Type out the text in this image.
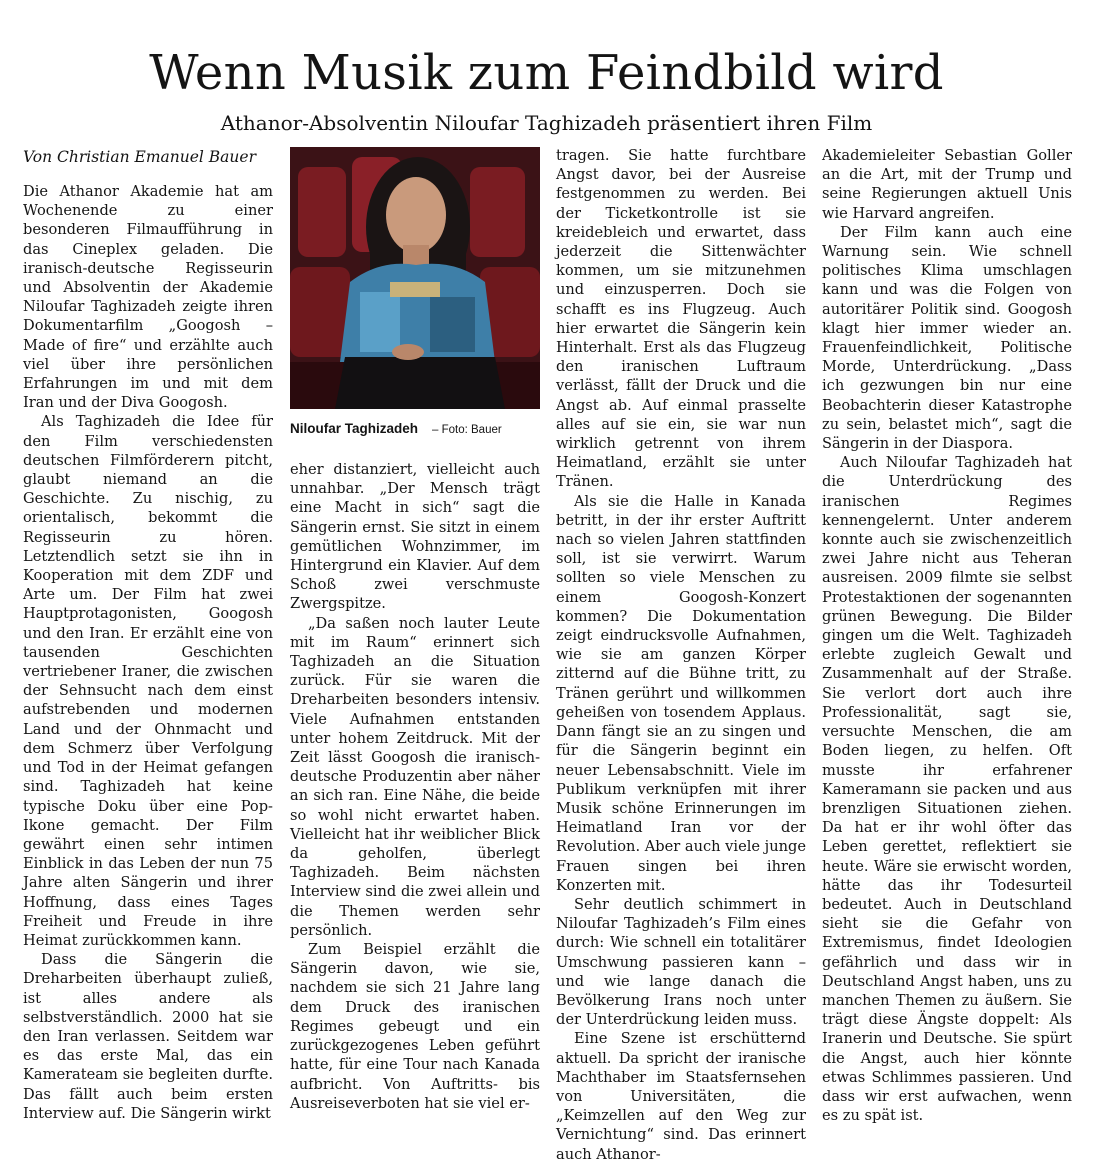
Wenn Musik zum Feindbild wird
Athanor-Absolventin Niloufar Taghizadeh präsentiert ihren Film
Von Christian Emanuel Bauer

Die Athanor Akademie hat am Wochenende zu einer besonderen Filmaufführung in das Cineplex geladen. Die iranisch-deutsche Regisseurin und Absolventin der Akademie Niloufar Taghizadeh zeigte ihren Dokumentarfilm „Googosh – Made of fire“ und erzählte auch viel über ihre persönlichen Erfahrungen im und mit dem Iran und der Diva Googosh.

Als Taghizadeh die Idee für den Film verschiedensten deutschen Filmförderern pitcht, glaubt niemand an die Geschichte. Zu nischig, zu orientalisch, bekommt die Regisseurin zu hören. Letztendlich setzt sie ihn in Kooperation mit dem ZDF und Arte um. Der Film hat zwei Hauptprotagonisten, Googosh und den Iran. Er erzählt eine von tausenden Geschichten vertriebener Iraner, die zwischen der Sehnsucht nach dem einst aufstrebenden und modernen Land und der Ohnmacht und dem Schmerz über Verfolgung und Tod in der Heimat gefangen sind. Taghizadeh hat keine typische Doku über eine Pop-Ikone gemacht. Der Film gewährt einen sehr intimen Einblick in das Leben der nun 75 Jahre alten Sängerin und ihrer Hoffnung, dass eines Tages Freiheit und Freude in ihre Heimat zurückkommen kann.

Dass die Sängerin die Dreharbeiten überhaupt zuließ, ist alles andere als selbstverständlich. 2000 hat sie den Iran verlassen. Seitdem war es das erste Mal, das ein Kamerateam sie begleiten durfte. Das fällt auch beim ersten Interview auf. Die Sängerin wirkt

Niloufar Taghizadeh – Foto: Bauer

eher distanziert, vielleicht auch unnahbar. „Der Mensch trägt eine Macht in sich“ sagt die Sängerin ernst. Sie sitzt in einem gemütlichen Wohnzimmer, im Hintergrund ein Klavier. Auf dem Schoß zwei verschmuste Zwergspitze.

„Da saßen noch lauter Leute mit im Raum“ erinnert sich Taghizadeh an die Situation zurück. Für sie waren die Dreharbeiten besonders intensiv. Viele Aufnahmen entstanden unter hohem Zeitdruck. Mit der Zeit lässt Googosh die iranisch-deutsche Produzentin aber näher an sich ran. Eine Nähe, die beide so wohl nicht erwartet haben. Vielleicht hat ihr weiblicher Blick da geholfen, überlegt Taghizadeh. Beim nächsten Interview sind die zwei allein und die Themen werden sehr persönlich.

Zum Beispiel erzählt die Sängerin davon, wie sie, nachdem sie sich 21 Jahre lang dem Druck des iranischen Regimes gebeugt und ein zurückgezogenes Leben geführt hatte, für eine Tour nach Kanada aufbricht. Von Auftritts- bis Ausreiseverboten hat sie viel er-

tragen. Sie hatte furchtbare Angst davor, bei der Ausreise festgenommen zu werden. Bei der Ticketkontrolle ist sie kreidebleich und erwartet, dass jederzeit die Sittenwächter kommen, um sie mitzunehmen und einzusperren. Doch sie schafft es ins Flugzeug. Auch hier erwartet die Sängerin kein Hinterhalt. Erst als das Flugzeug den iranischen Luftraum verlässt, fällt der Druck und die Angst ab. Auf einmal prasselte alles auf sie ein, sie war nun wirklich getrennt von ihrem Heimatland, erzählt sie unter Tränen.

Als sie die Halle in Kanada betritt, in der ihr erster Auftritt nach so vielen Jahren stattfinden soll, ist sie verwirrt. Warum sollten so viele Menschen zu einem Googosh-Konzert kommen? Die Dokumentation zeigt eindrucksvolle Aufnahmen, wie sie am ganzen Körper zitternd auf die Bühne tritt, zu Tränen gerührt und willkommen geheißen von tosendem Applaus. Dann fängt sie an zu singen und für die Sängerin beginnt ein neuer Lebensabschnitt. Viele im Publikum verknüpfen mit ihrer Musik schöne Erinnerungen im Heimatland Iran vor der Revolution. Aber auch viele junge Frauen singen bei ihren Konzerten mit.

Sehr deutlich schimmert in Niloufar Taghizadeh’s Film eines durch: Wie schnell ein totalitärer Umschwung passieren kann – und wie lange danach die Bevölkerung Irans noch unter der Unterdrückung leiden muss.

Eine Szene ist erschütternd aktuell. Da spricht der iranische Machthaber im Staatsfernsehen von Universitäten, die „Keimzellen auf den Weg zur Vernichtung“ sind. Das erinnert auch Athanor-

Akademieleiter Sebastian Goller an die Art, mit der Trump und seine Regierungen aktuell Unis wie Harvard angreifen.

Der Film kann auch eine Warnung sein. Wie schnell politisches Klima umschlagen kann und was die Folgen von autoritärer Politik sind. Googosh klagt hier immer wieder an. Frauenfeindlichkeit, Politische Morde, Unterdrückung. „Dass ich gezwungen bin nur eine Beobachterin dieser Katastrophe zu sein, belastet mich“, sagt die Sängerin in der Diaspora.

Auch Niloufar Taghizadeh hat die Unterdrückung des iranischen Regimes kennengelernt. Unter anderem konnte auch sie zwischenzeitlich zwei Jahre nicht aus Teheran ausreisen. 2009 filmte sie selbst Protestaktionen der sogenannten grünen Bewegung. Die Bilder gingen um die Welt. Taghizadeh erlebte zugleich Gewalt und Zusammenhalt auf der Straße. Sie verlort dort auch ihre Professionalität, sagt sie, versuchte Menschen, die am Boden liegen, zu helfen. Oft musste ihr erfahrener Kameramann sie packen und aus brenzligen Situationen ziehen. Da hat er ihr wohl öfter das Leben gerettet, reflektiert sie heute. Wäre sie erwischt worden, hätte das ihr Todesurteil bedeutet. Auch in Deutschland sieht sie die Gefahr von Extremismus, findet Ideologien gefährlich und dass wir in Deutschland Angst haben, uns zu manchen Themen zu äußern. Sie trägt diese Ängste doppelt: Als Iranerin und Deutsche. Sie spürt die Angst, auch hier könnte etwas Schlimmes passieren. Und dass wir erst aufwachen, wenn es zu spät ist.
